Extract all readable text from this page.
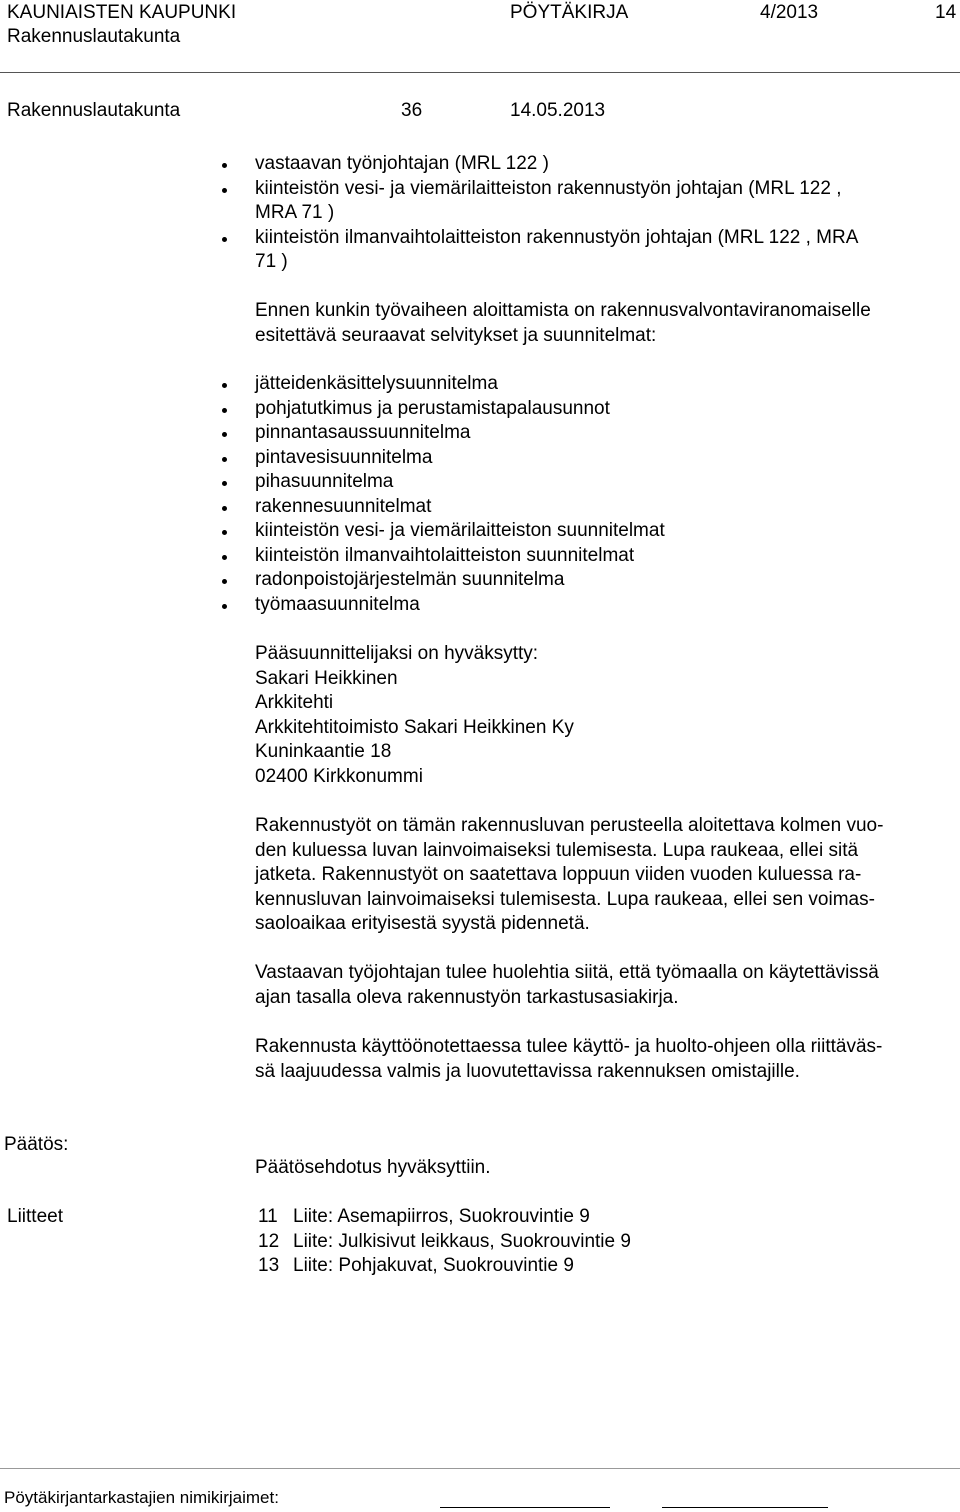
KAUNIAISTEN KAUPUNKI	PÖYTÄKIRJA	4/2013	14
Rakennuslautakunta
Rakennuslautakunta	36	14.05.2013
vastaavan työnjohtajan (MRL 122 )
kiinteistön vesi- ja viemärilaitteiston rakennustyön johtajan (MRL 122 ,
MRA 71 )
kiinteistön ilmanvaihtolaitteiston rakennustyön johtajan (MRL 122 , MRA
71 )
Ennen kunkin työvaiheen aloittamista on rakennusvalvontaviranomaiselle
esitettävä seuraavat selvitykset ja suunnitelmat:
jätteidenkäsittelysuunnitelma
pohjatutkimus ja perustamistapalausunnot
pinnantasaussuunnitelma
pintavesisuunnitelma
pihasuunnitelma
rakennesuunnitelmat
kiinteistön vesi- ja viemärilaitteiston suunnitelmat
kiinteistön ilmanvaihtolaitteiston suunnitelmat
radonpoistojärjestelmän suunnitelma
työmaasuunnitelma
Pääsuunnittelijaksi on hyväksytty:
Sakari Heikkinen
Arkkitehti
Arkkitehtitoimisto Sakari Heikkinen Ky
Kuninkaantie 18
02400 Kirkkonummi
Rakennustyöt on tämän rakennusluvan perusteella aloitettava kolmen vuo-
den kuluessa luvan lainvoimaiseksi tulemisesta. Lupa raukeaa, ellei sitä
jatketa. Rakennustyöt on saatettava loppuun viiden vuoden kuluessa ra-
kennusluvan lainvoimaiseksi tulemisesta. Lupa raukeaa, ellei sen voimas-
saoloaikaa erityisestä syystä pidennetä.
Vastaavan työjohtajan tulee huolehtia siitä, että työmaalla on käytettävissä
ajan tasalla oleva rakennustyön tarkastusasiakirja.
Rakennusta käyttöönotettaessa tulee käyttö- ja huolto-ohjeen olla riittäväs-
sä laajuudessa valmis ja luovutettavissa rakennuksen omistajille.
Päätös:
Päätösehdotus hyväksyttiin.
Liitteet	11 Liite: Asemapiirros, Suokrouvintie 9
12 Liite: Julkisivut leikkaus, Suokrouvintie 9
13 Liite: Pohjakuvat, Suokrouvintie 9
Pöytäkirjantarkastajien nimikirjaimet:
